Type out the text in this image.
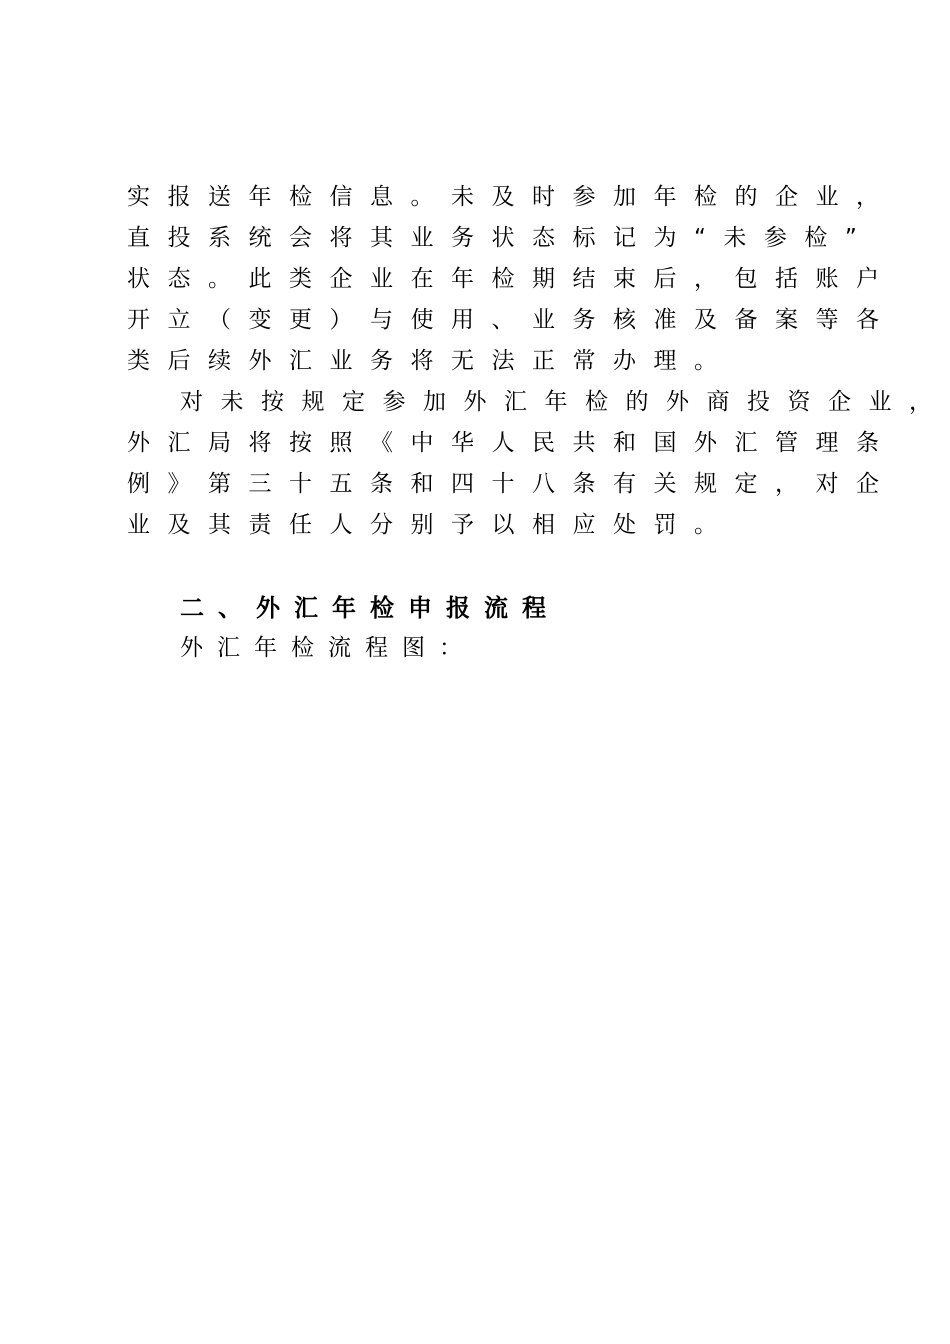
实报送年检信息。未及时参加年检的企业，
直投系统会将其业务状态标记为“未参检”
状态。此类企业在年检期结束后，包括账户
开立（变更）与使用、业务核准及备案等各
类后续外汇业务将无法正常办理。
对未按规定参加外汇年检的外商投资企业，
外汇局将按照《中华人民共和国外汇管理条
例》第三十五条和四十八条有关规定，对企
业及其责任人分别予以相应处罚。
二、外汇年检申报流程
外汇年检流程图：
